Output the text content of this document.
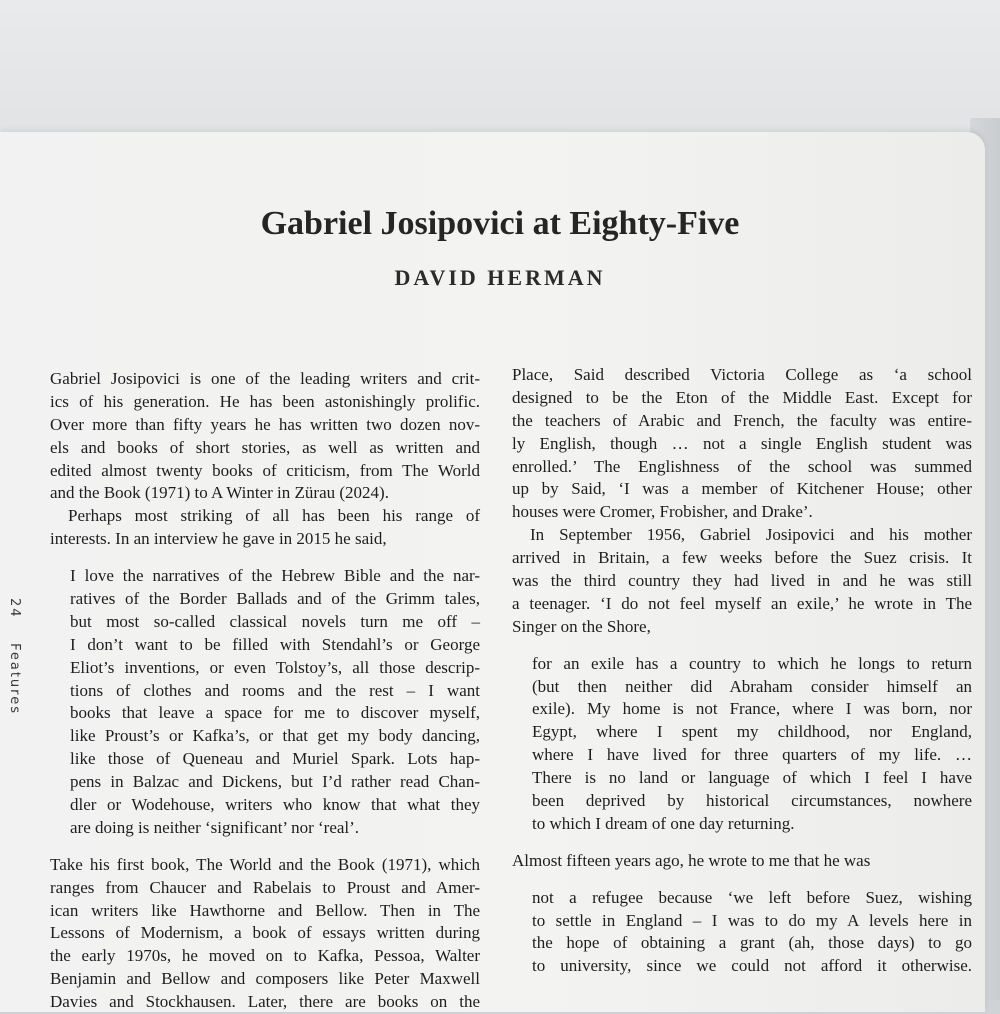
Gabriel Josipovici at Eighty-Five
DAVID HERMAN
24    Features
Gabriel Josipovici is one of the leading writers and crit-
ics of his generation. He has been astonishingly prolific.
Over more than fifty years he has written two dozen nov-
els and books of short stories, as well as written and
edited almost twenty books of criticism, from The World
and the Book (1971) to A Winter in Zürau (2024).
Perhaps most striking of all has been his range of
interests. In an interview he gave in 2015 he said,
I love the narratives of the Hebrew Bible and the nar-
ratives of the Border Ballads and of the Grimm tales,
but most so-called classical novels turn me off –
I don’t want to be filled with Stendahl’s or George
Eliot’s inventions, or even Tolstoy’s, all those descrip-
tions of clothes and rooms and the rest – I want
books that leave a space for me to discover myself,
like Proust’s or Kafka’s, or that get my body dancing,
like those of Queneau and Muriel Spark. Lots hap-
pens in Balzac and Dickens, but I’d rather read Chan-
dler or Wodehouse, writers who know that what they
are doing is neither ‘significant’ nor ‘real’.
Take his first book, The World and the Book (1971), which
ranges from Chaucer and Rabelais to Proust and Amer-
ican writers like Hawthorne and Bellow. Then in The
Lessons of Modernism, a book of essays written during
the early 1970s, he moved on to Kafka, Pessoa, Walter
Benjamin and Bellow and composers like Peter Maxwell
Davies and Stockhausen. Later, there are books on the
Place, Said described Victoria College as ‘a school
designed to be the Eton of the Middle East. Except for
the teachers of Arabic and French, the faculty was entire-
ly English, though … not a single English student was
enrolled.’ The Englishness of the school was summed
up by Said, ‘I was a member of Kitchener House; other
houses were Cromer, Frobisher, and Drake’.
In September 1956, Gabriel Josipovici and his mother
arrived in Britain, a few weeks before the Suez crisis. It
was the third country they had lived in and he was still
a teenager. ‘I do not feel myself an exile,’ he wrote in The
Singer on the Shore,
for an exile has a country to which he longs to return
(but then neither did Abraham consider himself an
exile). My home is not France, where I was born, nor
Egypt, where I spent my childhood, nor England,
where I have lived for three quarters of my life. …
There is no land or language of which I feel I have
been deprived by historical circumstances, nowhere
to which I dream of one day returning.
Almost fifteen years ago, he wrote to me that he was
not a refugee because ‘we left before Suez, wishing
to settle in England – I was to do my A levels here in
the hope of obtaining a grant (ah, those days) to go
to university, since we could not afford it otherwise.
